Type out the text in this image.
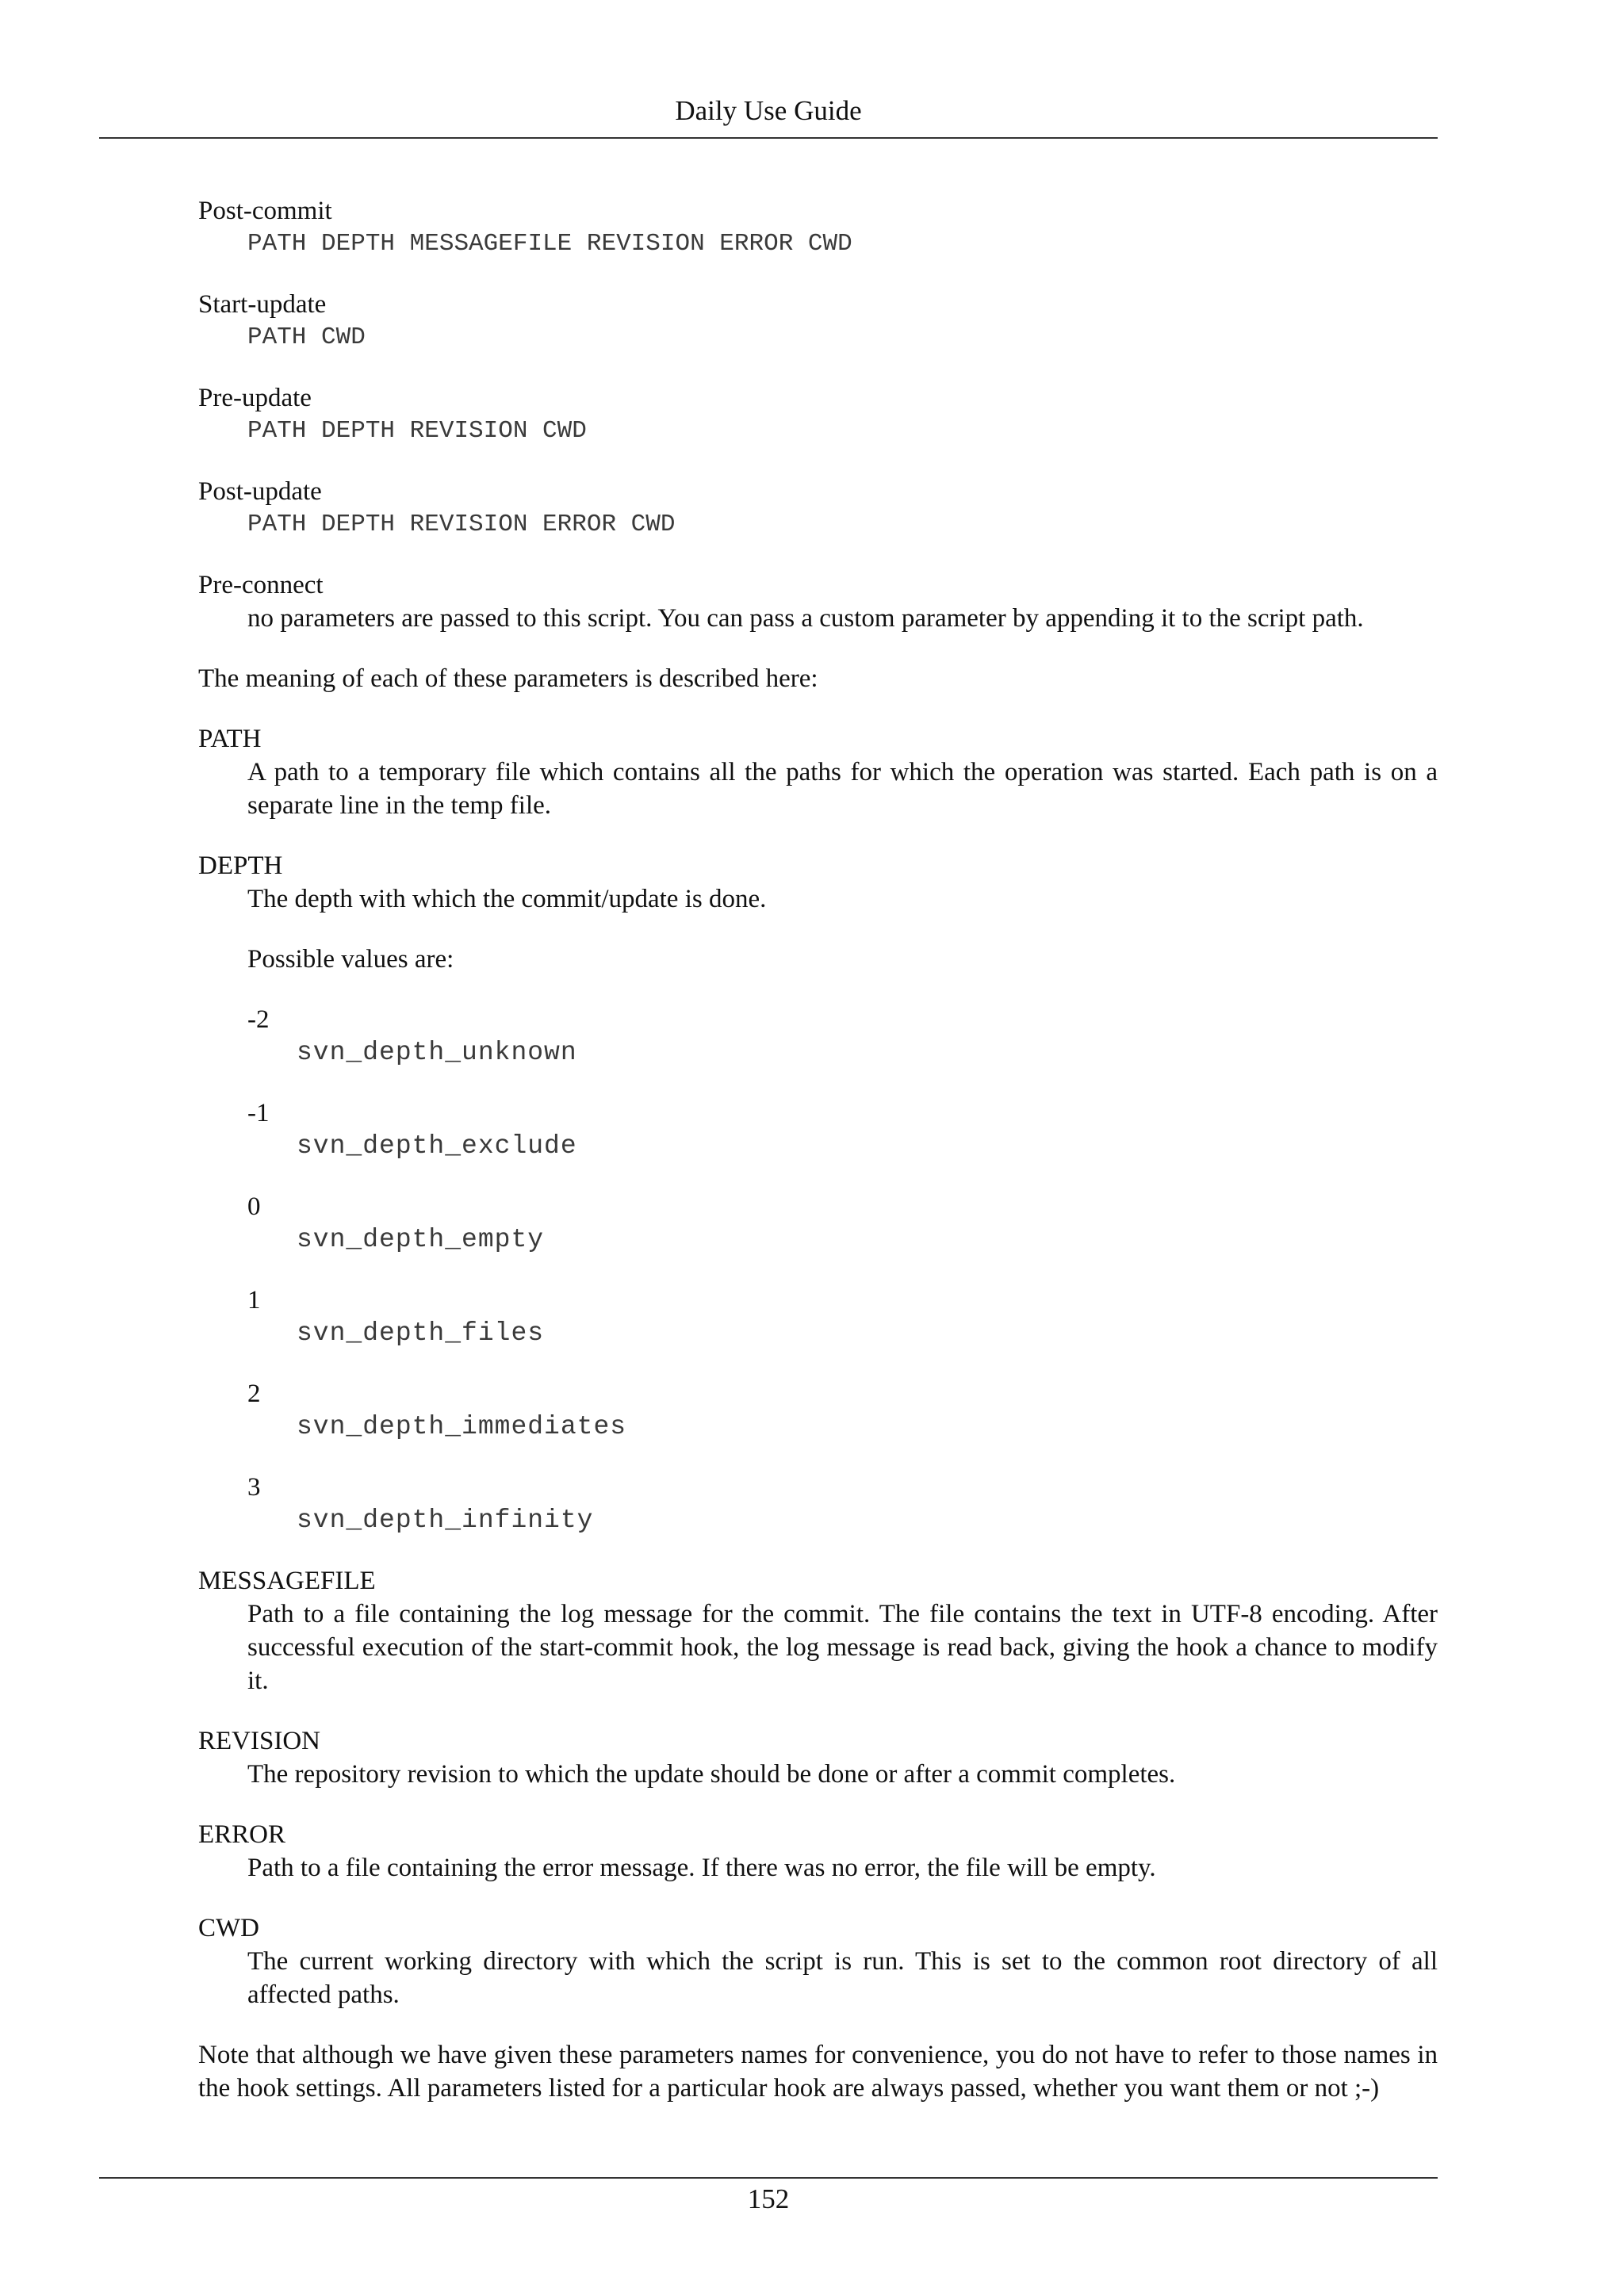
Daily Use Guide
Post-commit
PATH DEPTH MESSAGEFILE REVISION ERROR CWD
Start-update
PATH CWD
Pre-update
PATH DEPTH REVISION CWD
Post-update
PATH DEPTH REVISION ERROR CWD
Pre-connect
no parameters are passed to this script. You can pass a custom parameter by appending it to the script path.
The meaning of each of these parameters is described here:
PATH
A path to a temporary file which contains all the paths for which the operation was started. Each path is on a separate line in the temp file.
DEPTH
The depth with which the commit/update is done.
Possible values are:
-2
svn_depth_unknown
-1
svn_depth_exclude
0
svn_depth_empty
1
svn_depth_files
2
svn_depth_immediates
3
svn_depth_infinity
MESSAGEFILE
Path to a file containing the log message for the commit. The file contains the text in UTF-8 encoding. After successful execution of the start-commit hook, the log message is read back, giving the hook a chance to modify it.
REVISION
The repository revision to which the update should be done or after a commit completes.
ERROR
Path to a file containing the error message. If there was no error, the file will be empty.
CWD
The current working directory with which the script is run. This is set to the common root directory of all affected paths.
Note that although we have given these parameters names for convenience, you do not have to refer to those names in the hook settings. All parameters listed for a particular hook are always passed, whether you want them or not ;-)
152
